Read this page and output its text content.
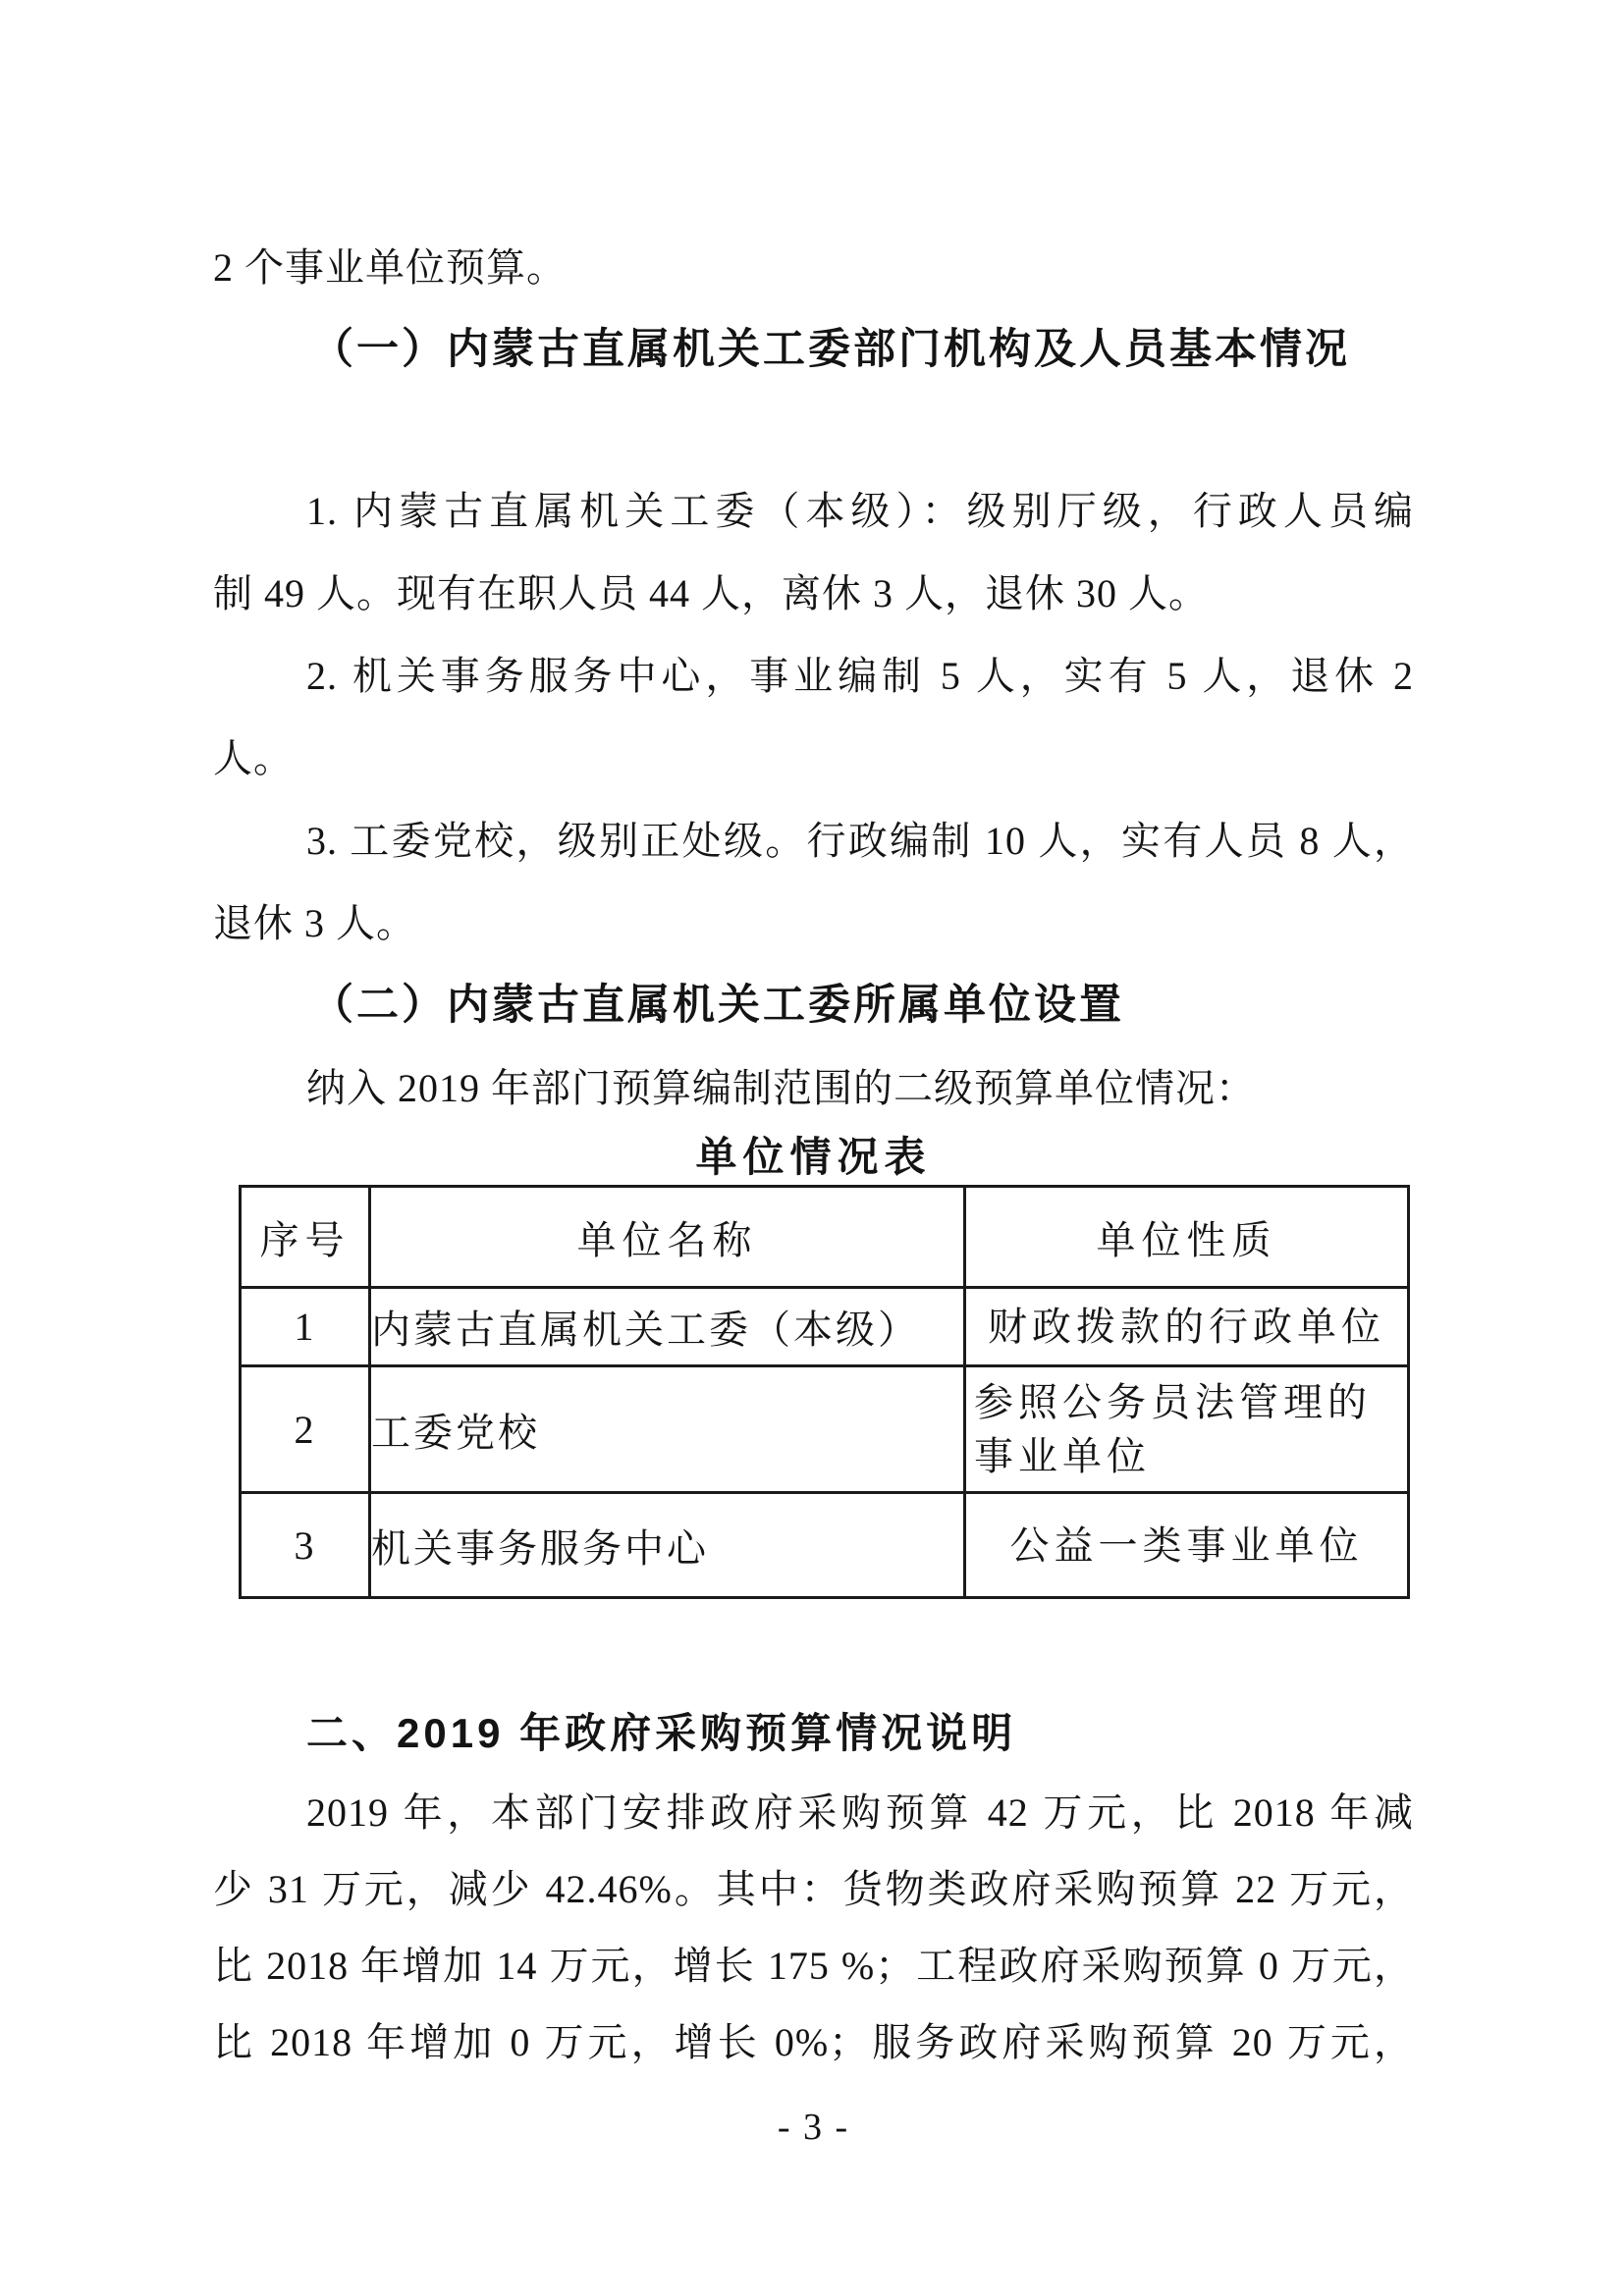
2 个事业单位预算。
（一）内蒙古直属机关工委部门机构及人员基本情况
1. 内蒙古直属机关工委（本级）：级别厅级，行政人员编
制 49 人。现有在职人员 44 人，离休 3 人，退休 30 人。
2. 机关事务服务中心，事业编制 5 人，实有 5 人，退休 2
人。
3. 工委党校，级别正处级。行政编制 10 人，实有人员 8 人，
退休 3 人。
（二）内蒙古直属机关工委所属单位设置
纳入 2019 年部门预算编制范围的二级预算单位情况：
单位情况表
序号	单位名称	单位性质
1	内蒙古直属机关工委（本级）	财政拨款的行政单位
2	工委党校	参照公务员法管理的事业单位
3	机关事务服务中心	公益一类事业单位
二、2019 年政府采购预算情况说明
2019 年，本部门安排政府采购预算 42 万元，比 2018 年减
少 31 万元，减少 42.46%。其中：货物类政府采购预算 22 万元，
比 2018 年增加 14 万元，增长 175 %；工程政府采购预算 0 万元，
比 2018 年增加 0 万元，增长 0%；服务政府采购预算 20 万元，
- 3 -
